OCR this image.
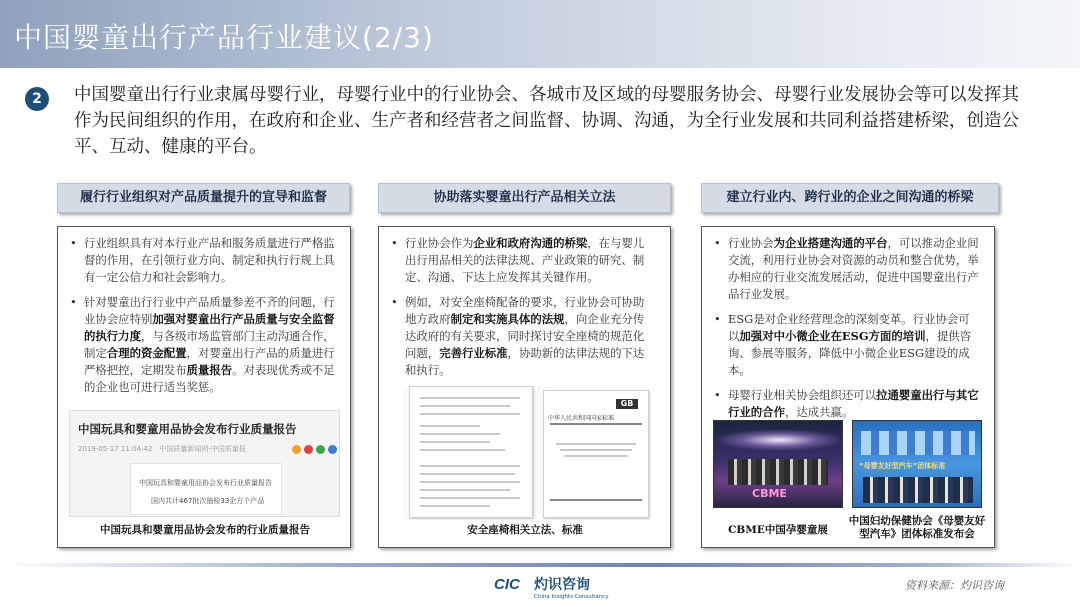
中国婴童出行产品行业建议(2/3)
2	中国婴童出行行业隶属母婴行业，母婴行业中的行业协会、各城市及区域的母婴服务协会、母婴行业发展协会等可以发挥其作为民间组织的作用，在政府和企业、生产者和经营者之间监督、协调、沟通，为全行业发展和共同利益搭建桥梁，创造公平、互动、健康的平台。
履行行业组织对产品质量提升的宣导和监督	协助落实婴童出行产品相关立法	建立行业内、跨行业的企业之间沟通的桥梁
• 行业组织具有对本行业产品和服务质量进行严格监督的作用，在引领行业方向、制定和执行行规上具有一定公信力和社会影响力。
• 针对婴童出行行业中产品质量参差不齐的问题，行业协会应特别加强对婴童出行产品质量与安全监督的执行力度，与各级市场监管部门主动沟通合作，制定合理的资金配置，对婴童出行产品的质量进行严格把控，定期发布质量报告。对表现优秀或不足的企业也可进行适当奖惩。
中国玩具和婴童用品协会发布行业质量报告
2019-05-17 11:04:42　中国质量新闻网-中国质量报
中国玩具和婴童用品协会发布行业质量报告
国内共计467批次抽检33企方个产品
中国玩具和婴童用品协会发布的行业质量报告
• 行业协会作为企业和政府沟通的桥梁，在与婴儿出行用品相关的法律法规、产业政策的研究、制定、沟通、下达上应发挥其关键作用。
• 例如，对安全座椅配备的要求，行业协会可协助地方政府制定和实施具体的法规，向企业充分传达政府的有关要求，同时探讨安全座椅的规范化问题，完善行业标准，协助新的法律法规的下达和执行。
GB
中华人民共和国国家标准
安全座椅相关立法、标准
• 行业协会为企业搭建沟通的平台，可以推动企业间交流，利用行业协会对资源的动员和整合优势，举办相应的行业交流发展活动，促进中国婴童出行产品行业发展。
• ESG是对企业经营理念的深刻变革。行业协会可以加强对中小微企业在ESG方面的培训，提供咨询、参展等服务，降低中小微企业ESG建设的成本。
• 母婴行业相关协会组织还可以拉通婴童出行与其它行业的合作，达成共赢。
CBME
“母婴友好型汽车”团体标准
CBME中国孕婴童展
中国妇幼保健协会《母婴友好型汽车》团体标准发布会
CIC 灼识咨询
China Insights Consultancy
资料来源：灼识咨询
